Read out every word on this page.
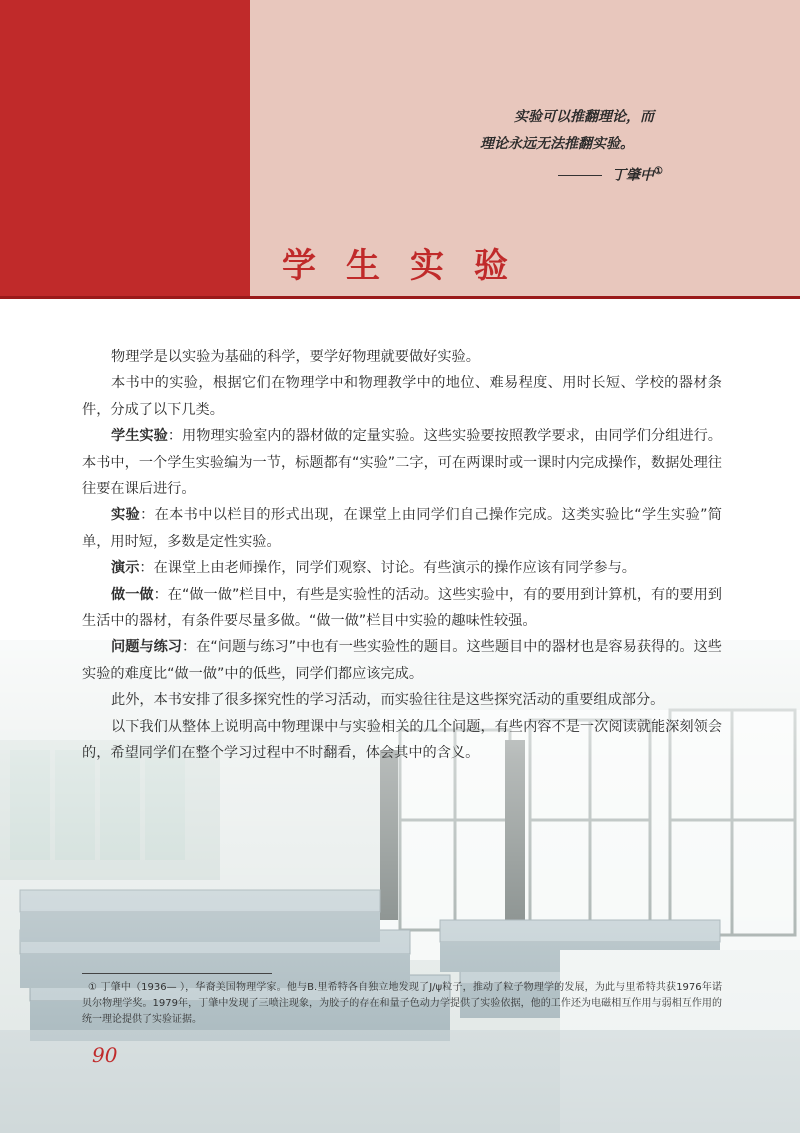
实验可以推翻理论，而
理论永远无法推翻实验。
丁肇中①
学生实验

物理学是以实验为基础的科学，要学好物理就要做好实验。

本书中的实验，根据它们在物理学中和物理教学中的地位、难易程度、用时长短、学校的器材条件，分成了以下几类。

学生实验：用物理实验室内的器材做的定量实验。这些实验要按照教学要求，由同学们分组进行。本书中，一个学生实验编为一节，标题都有“实验”二字，可在两课时或一课时内完成操作，数据处理往往要在课后进行。

实验：在本书中以栏目的形式出现，在课堂上由同学们自己操作完成。这类实验比“学生实验”简单，用时短，多数是定性实验。

演示：在课堂上由老师操作，同学们观察、讨论。有些演示的操作应该有同学参与。

做一做：在“做一做”栏目中，有些是实验性的活动。这些实验中，有的要用到计算机，有的要用到生活中的器材，有条件要尽量多做。“做一做”栏目中实验的趣味性较强。

问题与练习：在“问题与练习”中也有一些实验性的题目。这些题目中的器材也是容易获得的。这些实验的难度比“做一做”中的低些，同学们都应该完成。

此外，本书安排了很多探究性的学习活动，而实验往往是这些探究活动的重要组成部分。

以下我们从整体上说明高中物理课中与实验相关的几个问题，有些内容不是一次阅读就能深刻领会的，希望同学们在整个学习过程中不时翻看，体会其中的含义。

① 丁肇中（1936— ），华裔美国物理学家。他与B.里希特各自独立地发现了J/ψ粒子，推动了粒子物理学的发展，为此与里希特共获1976年诺贝尔物理学奖。1979年，丁肇中发现了三喷注现象，为胶子的存在和量子色动力学提供了实验依据，他的工作还为电磁相互作用与弱相互作用的统一理论提供了实验证据。

90
